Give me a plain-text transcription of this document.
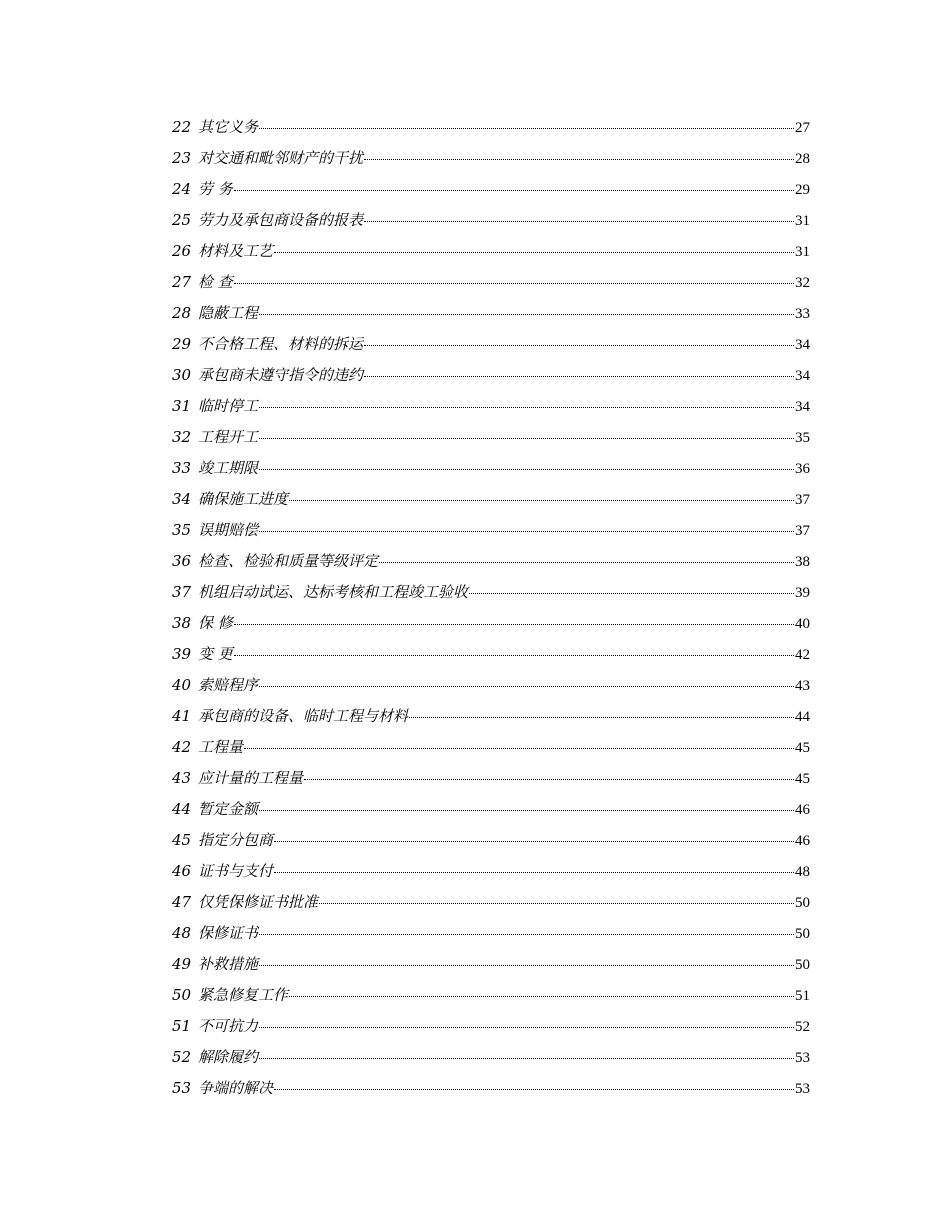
22 其它义务	27
23 对交通和毗邻财产的干扰	28
24 劳 务	29
25 劳力及承包商设备的报表	31
26 材料及工艺	31
27 检 查	32
28 隐蔽工程	33
29 不合格工程、材料的拆运	34
30 承包商未遵守指令的违约	34
31 临时停工	34
32 工程开工	35
33 竣工期限	36
34 确保施工进度	37
35 误期赔偿	37
36 检查、检验和质量等级评定	38
37 机组启动试运、达标考核和工程竣工验收	39
38 保 修	40
39 变 更	42
40 索赔程序	43
41 承包商的设备、临时工程与材料	44
42 工程量	45
43 应计量的工程量	45
44 暂定金额	46
45 指定分包商	46
46 证书与支付	48
47 仅凭保修证书批准	50
48 保修证书	50
49 补救措施	50
50 紧急修复工作	51
51 不可抗力	52
52 解除履约	53
53 争端的解决	53
